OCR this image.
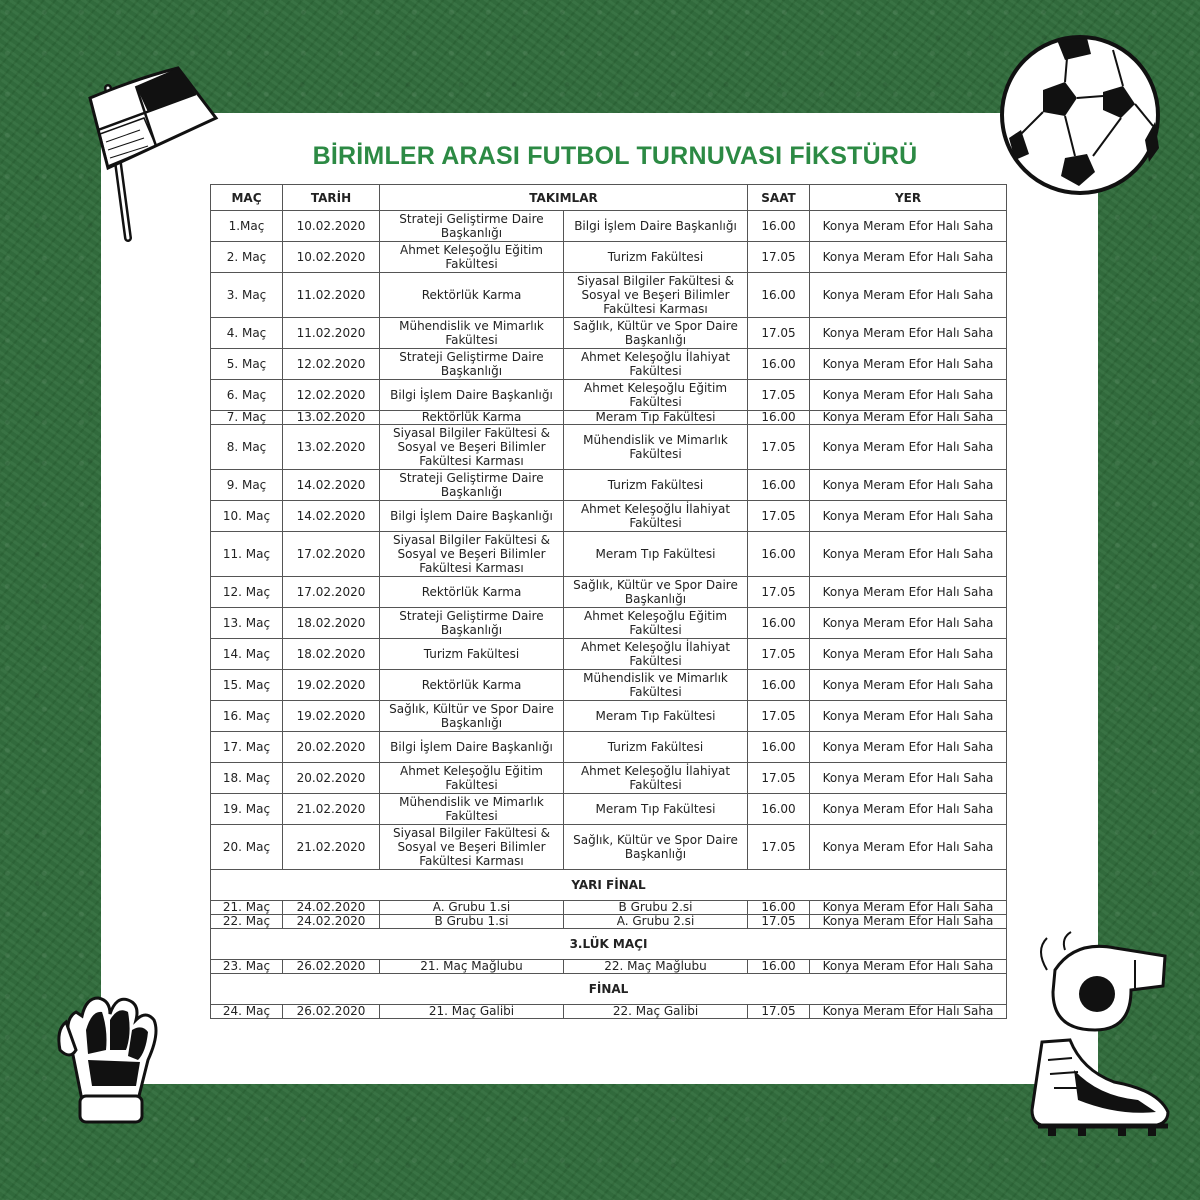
BİRİMLER ARASI FUTBOL TURNUVASI FİKSTÜRÜ
MAÇ	TARİH	TAKIMLAR		SAAT	YER
1.Maç	10.02.2020	Strateji Geliştirme Daire Başkanlığı	Bilgi İşlem Daire Başkanlığı	16.00	Konya Meram Efor Halı Saha
2. Maç	10.02.2020	Ahmet Keleşoğlu Eğitim Fakültesi	Turizm Fakültesi	17.05	Konya Meram Efor Halı Saha
3. Maç	11.02.2020	Rektörlük Karma	Siyasal Bilgiler Fakültesi & Sosyal ve Beşeri Bilimler Fakültesi Karması	16.00	Konya Meram Efor Halı Saha
4. Maç	11.02.2020	Mühendislik ve Mimarlık Fakültesi	Sağlık, Kültür ve Spor Daire Başkanlığı	17.05	Konya Meram Efor Halı Saha
5. Maç	12.02.2020	Strateji Geliştirme Daire Başkanlığı	Ahmet Keleşoğlu İlahiyat Fakültesi	16.00	Konya Meram Efor Halı Saha
6. Maç	12.02.2020	Bilgi İşlem Daire Başkanlığı	Ahmet Keleşoğlu Eğitim Fakültesi	17.05	Konya Meram Efor Halı Saha
7. Maç	13.02.2020	Rektörlük Karma	Meram Tıp Fakültesi	16.00	Konya Meram Efor Halı Saha
8. Maç	13.02.2020	Siyasal Bilgiler Fakültesi & Sosyal ve Beşeri Bilimler Fakültesi Karması	Mühendislik ve Mimarlık Fakültesi	17.05	Konya Meram Efor Halı Saha
9. Maç	14.02.2020	Strateji Geliştirme Daire Başkanlığı	Turizm Fakültesi	16.00	Konya Meram Efor Halı Saha
10. Maç	14.02.2020	Bilgi İşlem Daire Başkanlığı	Ahmet Keleşoğlu İlahiyat Fakültesi	17.05	Konya Meram Efor Halı Saha
11. Maç	17.02.2020	Siyasal Bilgiler Fakültesi & Sosyal ve Beşeri Bilimler Fakültesi Karması	Meram Tıp Fakültesi	16.00	Konya Meram Efor Halı Saha
12. Maç	17.02.2020	Rektörlük Karma	Sağlık, Kültür ve Spor Daire Başkanlığı	17.05	Konya Meram Efor Halı Saha
13. Maç	18.02.2020	Strateji Geliştirme Daire Başkanlığı	Ahmet Keleşoğlu Eğitim Fakültesi	16.00	Konya Meram Efor Halı Saha
14. Maç	18.02.2020	Turizm Fakültesi	Ahmet Keleşoğlu İlahiyat Fakültesi	17.05	Konya Meram Efor Halı Saha
15. Maç	19.02.2020	Rektörlük Karma	Mühendislik ve Mimarlık Fakültesi	16.00	Konya Meram Efor Halı Saha
16. Maç	19.02.2020	Sağlık, Kültür ve Spor Daire Başkanlığı	Meram Tıp Fakültesi	17.05	Konya Meram Efor Halı Saha
17. Maç	20.02.2020	Bilgi İşlem Daire Başkanlığı	Turizm Fakültesi	16.00	Konya Meram Efor Halı Saha
18. Maç	20.02.2020	Ahmet Keleşoğlu Eğitim Fakültesi	Ahmet Keleşoğlu İlahiyat Fakültesi	17.05	Konya Meram Efor Halı Saha
19. Maç	21.02.2020	Mühendislik ve Mimarlık Fakültesi	Meram Tıp Fakültesi	16.00	Konya Meram Efor Halı Saha
20. Maç	21.02.2020	Siyasal Bilgiler Fakültesi & Sosyal ve Beşeri Bilimler Fakültesi Karması	Sağlık, Kültür ve Spor Daire Başkanlığı	17.05	Konya Meram Efor Halı Saha
YARI FİNAL					
21. Maç	24.02.2020	A. Grubu 1.si	B Grubu 2.si	16.00	Konya Meram Efor Halı Saha
22. Maç	24.02.2020	B Grubu 1.si	A. Grubu 2.si	17.05	Konya Meram Efor Halı Saha
3.LÜK MAÇI					
23. Maç	26.02.2020	21. Maç Mağlubu	22. Maç Mağlubu	16.00	Konya Meram Efor Halı Saha
FİNAL					
24. Maç	26.02.2020	21. Maç Galibi	22. Maç Galibi	17.05	Konya Meram Efor Halı Saha
